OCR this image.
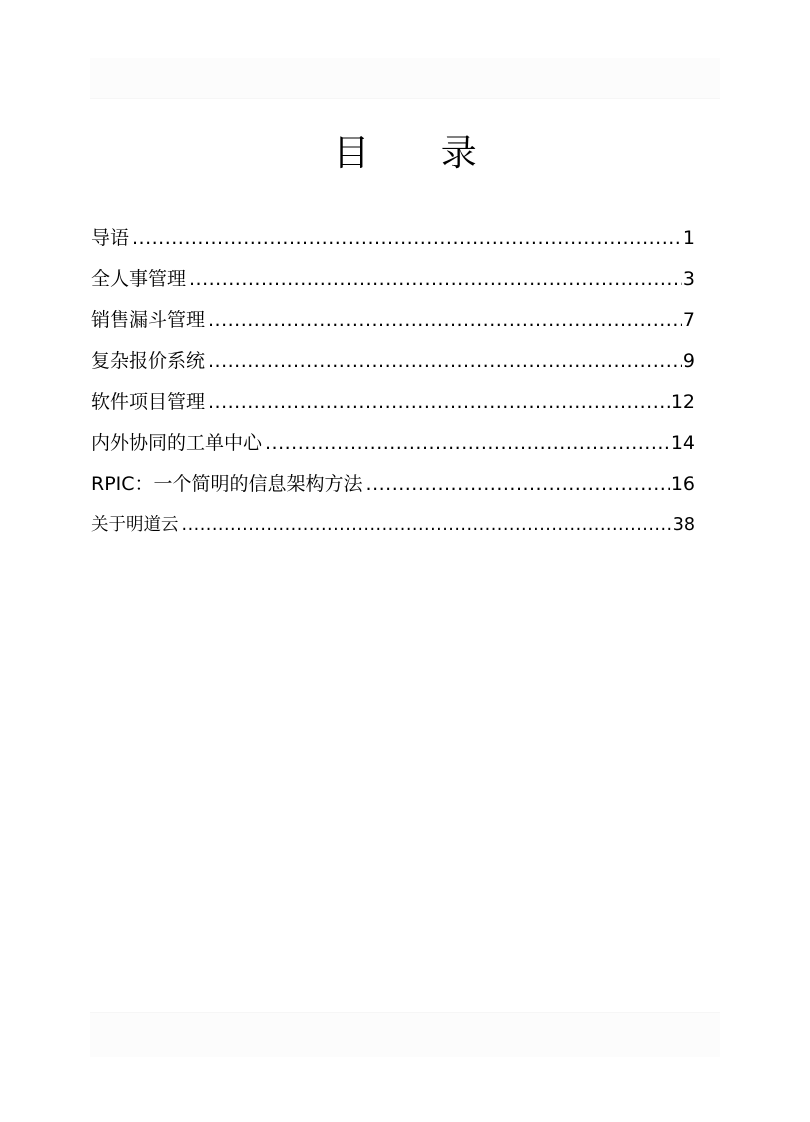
目 录
导语 .....	1
全人事管理 .....	3
销售漏斗管理 .....	7
复杂报价系统 .....	9
软件项目管理 .....	12
内外协同的工单中心 .....	14
RPIC：一个简明的信息架构方法 .....	16
关于明道云 .....	38
